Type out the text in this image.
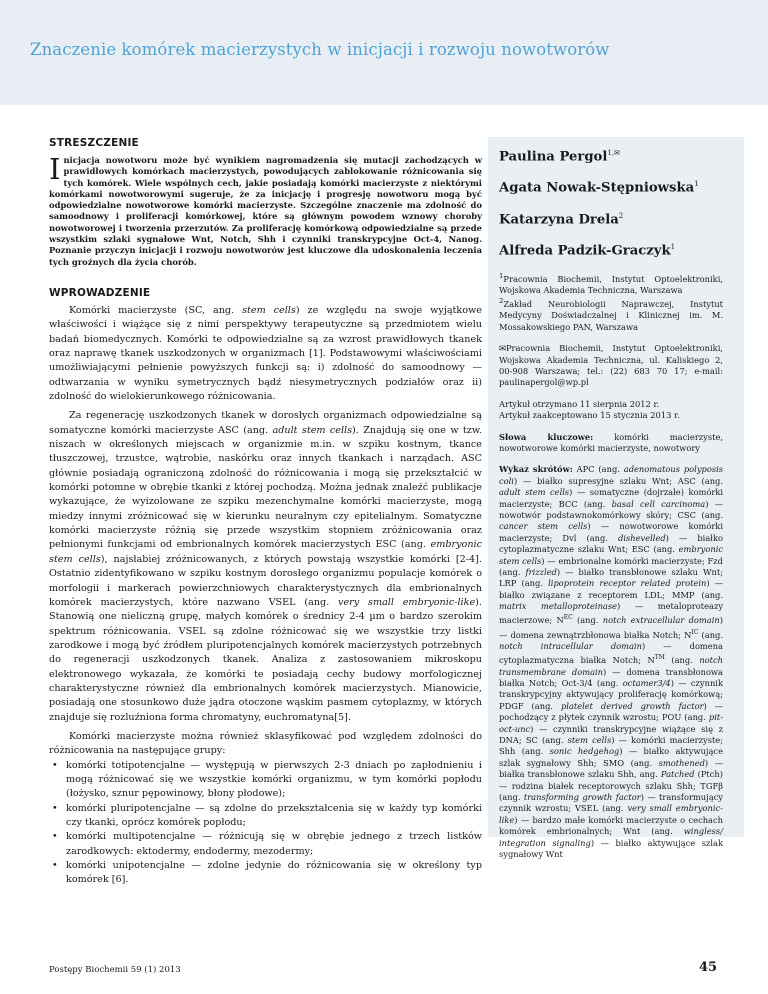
Znaczenie komórek macierzystych w inicjacji i rozwoju nowotworów
STRESZCZENIE
Inicjacja nowotworu może być wynikiem nagromadzenia się mutacji zachodzących w prawidłowych komórkach macierzystych, powodujących zablokowanie różnicowania się tych komórek. Wiele wspólnych cech, jakie posiadają komórki macierzyste z niektórymi komórkami nowotworowymi sugeruje, że za inicjację i progresję nowotworu mogą być odpowiedzialne nowotworowe komórki macierzyste. Szczególne znaczenie ma zdolność do samoodnowy i proliferacji komórkowej, które są głównym powodem wznowy choroby nowotworowej i tworzenia przerzutów. Za proliferację komórkową odpowiedzialne są przede wszystkim szlaki sygnałowe Wnt, Notch, Shh i czynniki transkrypcyjne Oct-4, Nanog. Poznanie przyczyn inicjacji i rozwoju nowotworów jest kluczowe dla udoskonalenia leczenia tych groźnych dla życia chorób.
WPROWADZENIE

Komórki macierzyste (SC, ang. stem cells) ze względu na swoje wyjątkowe właściwości i wiążące się z nimi perspektywy terapeutyczne są przedmiotem wielu badań biomedycznych. Komórki te odpowiedzialne są za wzrost prawidłowych tkanek oraz naprawę tkanek uszkodzonych w organizmach [1]. Podstawowymi właściwościami umożliwiającymi pełnienie powyższych funkcji są: i) zdolność do samoodnowy — odtwarzania w wyniku symetrycznych bądź niesymetrycznych podziałów oraz ii) zdolność do wielokierunkowego różnicowania.

Za regenerację uszkodzonych tkanek w dorosłych organizmach odpowiedzialne są somatyczne komórki macierzyste ASC (ang. adult stem cells). Znajdują się one w tzw. niszach w określonych miejscach w organizmie m.in. w szpiku kostnym, tkance tłuszczowej, trzustce, wątrobie, naskórku oraz innych tkankach i narządach. ASC głównie posiadają ograniczoną zdolność do różnicowania i mogą się przekształcić w komórki potomne w obrębie tkanki z której pochodzą. Można jednak znaleźć publikacje wykazujące, że wyizolowane ze szpiku mezenchymalne komórki macierzyste, mogą miedzy innymi zróżnicować się w kierunku neuralnym czy epitelialnym. Somatyczne komórki macierzyste różnią się przede wszystkim stopniem zróżnicowania oraz pełnionymi funkcjami od embrionalnych komórek macierzystych ESC (ang. embryonic stem cells), najsłabiej zróżnicowanych, z których powstają wszystkie komórki [2-4]. Ostatnio zidentyfikowano w szpiku kostnym dorosłego organizmu populacje komórek o morfologii i markerach powierzchniowych charakterystycznych dla embrionalnych komórek macierzystych, które nazwano VSEL (ang. very small embryonic-like). Stanowią one nieliczną grupę, małych komórek o średnicy 2-4 µm o bardzo szerokim spektrum różnicowania. VSEL są zdolne różnicować się we wszystkie trzy listki zarodkowe i mogą być źródłem pluripotencjalnych komórek macierzystych potrzebnych do regeneracji uszkodzonych tkanek. Analiza z zastosowaniem mikroskopu elektronowego wykazała, że komórki te posiadają cechy budowy morfologicznej charakterystyczne również dla embrionalnych komórek macierzystych. Mianowicie, posiadają one stosunkowo duże jądra otoczone wąskim pasmem cytoplazmy, w których znajduje się rozluźniona forma chromatyny, euchromatyna[5].

Komórki macierzyste można również sklasyfikować pod względem zdolności do różnicowania na następujące grupy:

• komórki totipotencjalne — występują w pierwszych 2-3 dniach po zapłodnieniu i mogą różnicować się we wszystkie komórki organizmu, w tym komórki popłodu (łożysko, sznur pępowinowy, błony płodowe);
• komórki pluripotencjalne — są zdolne do przekształcenia się w każdy typ komórki czy tkanki, oprócz komórek popłodu;
• komórki multipotencjalne — różnicują się w obrębie jednego z trzech listków zarodkowych: ektodermy, endodermy, mezodermy;
• komórki unipotencjalne — zdolne jedynie do różnicowania się w określony typ komórek [6].
Paulina Pergol$^{1,✉}$
Agata Nowak-Stępniowska$^1$
Katarzyna Drela$^2$
Alfreda Padzik-Graczyk$^1$
$^1$Pracownia Biochemii, Instytut Optoelektroniki, Wojskowa Akademia Techniczna, Warszawa
$^2$Zakład Neurobiologii Naprawczej, Instytut Medycyny Doświadczalnej i Klinicznej im. M. Mossakowskiego PAN, Warszawa
✉Pracownia Biochemii, Instytut Optoelektroniki, Wojskowa Akademia Techniczna, ul. Kaliskiego 2, 00-908 Warszawa; tel.: (22) 683 70 17; e-mail: paulinapergol@wp.pl
Artykuł otrzymano 11 sierpnia 2012 r.
Artykuł zaakceptowano 15 stycznia 2013 r.
Słowa kluczowe: komórki macierzyste, nowotworowe komórki macierzyste, nowotwory
Wykaz skrótów: APC (ang. adenomatous polyposis coli) — białko supresyjne szlaku Wnt; ASC (ang. adult stem cells) — somatyczne (dojrzałe) komórki macierzyste; BCC (ang. basal cell carcinoma) — nowotwór podstawnokomórkowy skóry; CSC (ang. cancer stem cells) — nowotworowe komórki macierzyste; Dvl (ang. dishevelled) — białko cytoplazmatyczne szlaku Wnt; ESC (ang. embryonic stem cells) — embrionalne komórki macierzyste; Fzd (ang. frizzled) — białko transbłonowe szlaku Wnt; LRP (ang. lipoprotein receptor related protein) — białko związane z receptorem LDL; MMP (ang. matrix metalloproteinase) — metaloproteazy macierzowe; $N^{EC}$ (ang. notch extracellular domain) — domena zewnątrzbłonowa białka Notch; $N^{IC}$ (ang. notch intracellular domain) — domena cytoplazmatyczna białka Notch; N™ (ang. notch transmembrane domain) — domena transbłonowa białka Notch; Oct-3/4 (ang. octamer3/4) — czynnik transkrypcyjny aktywujący proliferację komórkową; PDGF (ang. platelet derived growth factor) — pochodzący z płytek czynnik wzrostu; POU (ang. pit-oct-unc) — czynniki transkrypcyjne wiążące się z DNA; SC (ang. stem cells) — komórki macierzyste; Shh (ang. sonic hedgehog) — białko aktywujące szlak sygnałowy Shh; SMO (ang. smothened) — białka transbłonowe szlaku Shh, ang. Patched (Ptch) — rodzina białek receptorowych szlaku Shh; TGFβ (ang. transforming growth factor) — transformujący czynnik wzrostu; VSEL (ang. very small embryonic-like) — bardzo małe komórki macierzyste o cechach komórek embrionalnych; Wnt (ang. wingless/ integration signaling) — białko aktywujące szlak sygnałowy Wnt
Postępy Biochemii 59 (1) 2013	45
